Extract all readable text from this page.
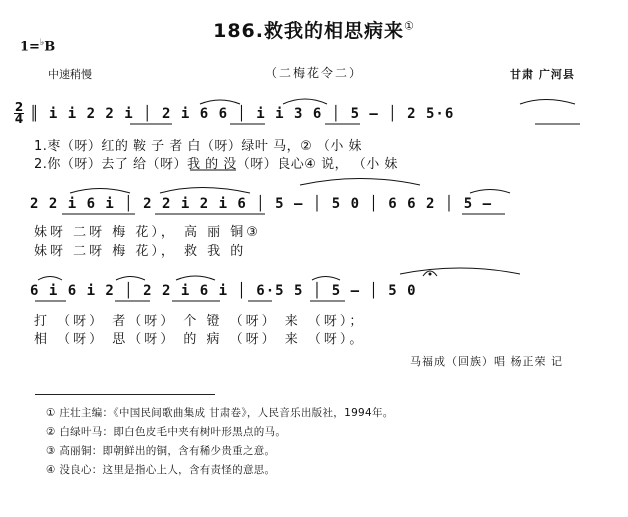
186.救我的相思病来①
1=♭B
中速稍慢	（二梅花令二）	甘肃 广河县
2
4 ║ i i 2 2 i │ 2 i 6 6 │ i i 3 6 │ 5 — │ 2 5·6
1.枣（呀）红的 鞍 子 者 白（呀）绿叶 马，② （小 妹
2.你（呀）去了 给（呀）我 的 没（呀）良心④ 说， （小 妹
2 2 i 6 i │ 2 2 i 2 i 6 │ 5 — │ 5 0 │ 6 6 2 │ 5 —
妹呀 二呀 梅 花）， 高 丽 铜③
妹呀 二呀 梅 花）， 救 我 的
6 i 6 i 2 │ 2 2 i 6 i │ 6·5 5 │ 5 — │ 5 0
打 （呀） 者（呀） 个 镫 （呀） 来 （呀）；
相 （呀） 思（呀） 的 病 （呀） 来 （呀）。
马福成（回族）唱 杨正荣 记
① 庄壮主编：《中国民间歌曲集成 甘肃卷》，人民音乐出版社，1994年。
② 白绿叶马：即白色皮毛中夹有树叶形黑点的马。
③ 高丽铜：即朝鲜出的铜，含有稀少贵重之意。
④ 没良心：这里是指心上人，含有责怪的意思。
